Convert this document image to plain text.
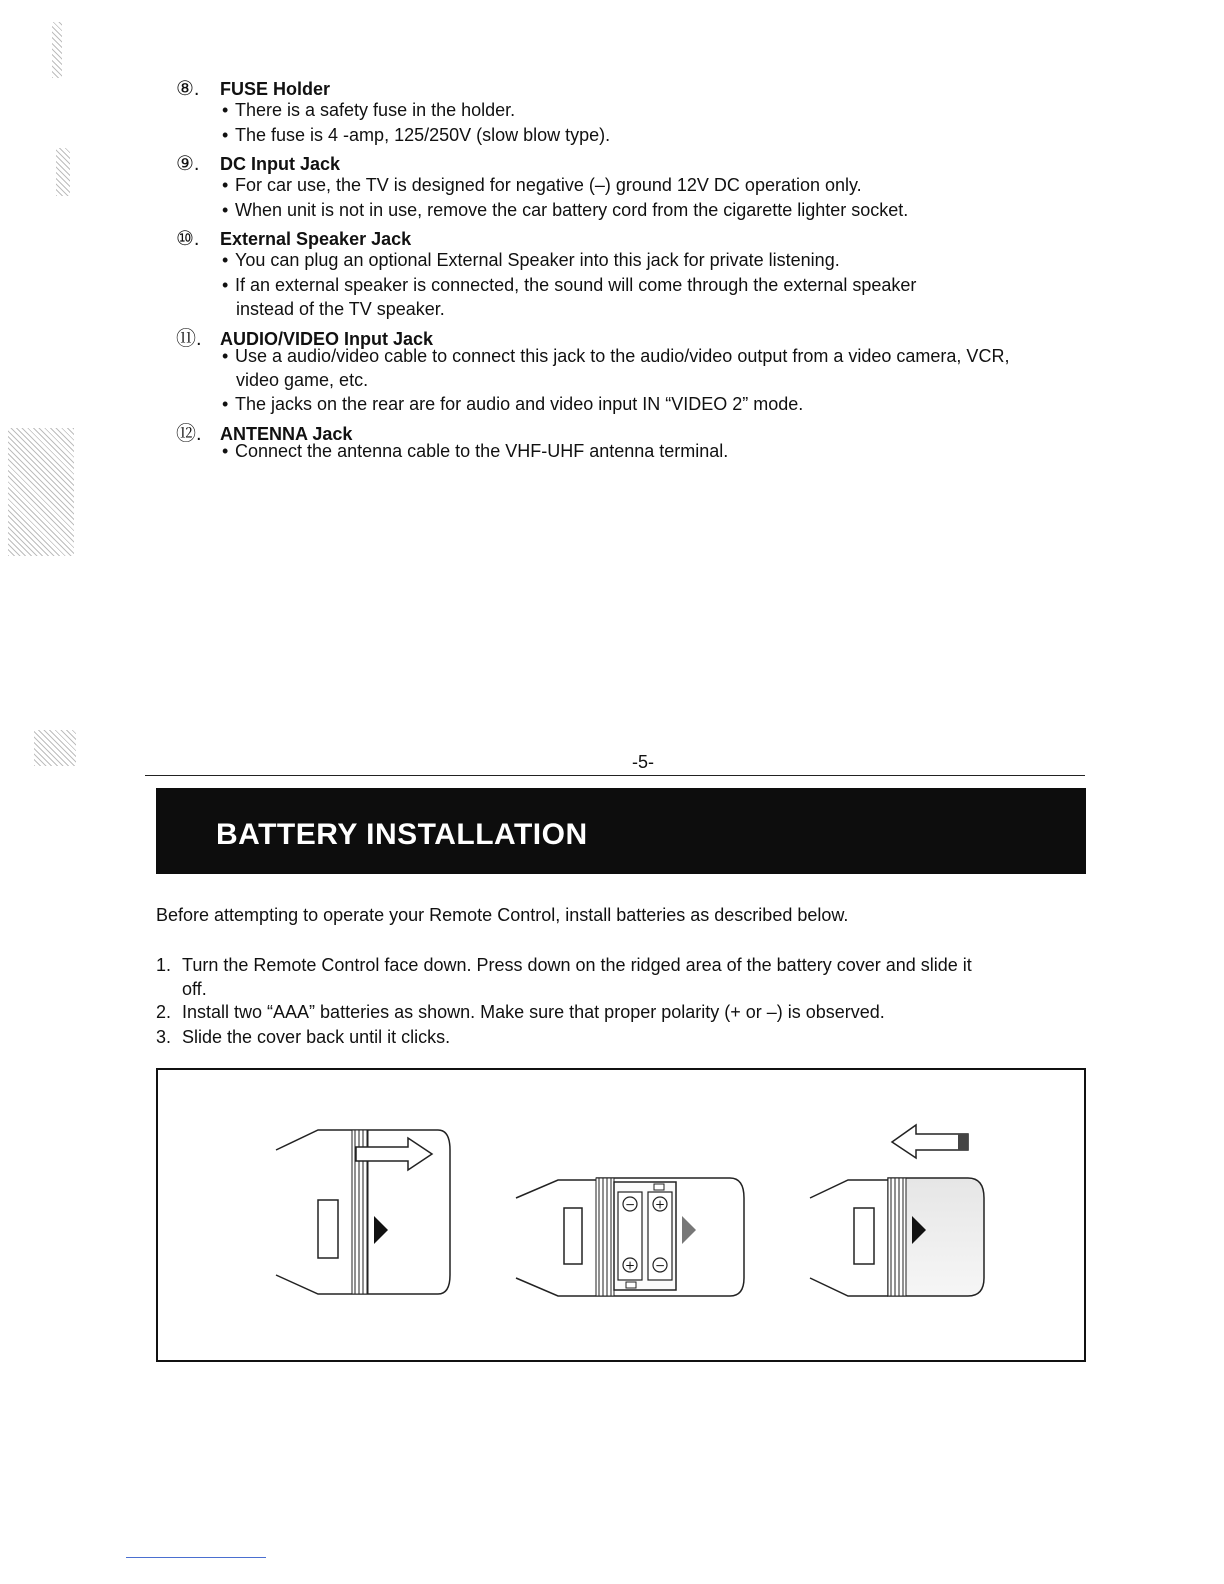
⑧. FUSE Holder
• There is a safety fuse in the holder.
• The fuse is 4 -amp, 125/250V (slow blow type).
⑨. DC Input Jack
• For car use, the TV is designed for negative (–) ground 12V DC operation only.
• When unit is not in use, remove the car battery cord from the cigarette lighter socket.
⑩. External Speaker Jack
• You can plug an optional External Speaker into this jack for private listening.
• If an external speaker is connected, the sound will come through the external speaker
instead of the TV speaker.
⑪. AUDIO/VIDEO Input Jack
• Use a audio/video cable to connect this jack to the audio/video output from a video camera, VCR,
video game, etc.
• The jacks on the rear are for audio and video input IN “VIDEO 2” mode.
⑫. ANTENNA Jack
• Connect the antenna cable to the VHF-UHF antenna terminal.
-5-
BATTERY INSTALLATION
Before attempting to operate your Remote Control, install batteries as described below.
1. Turn the Remote Control face down. Press down on the ridged area of the battery cover and slide it
off.
2. Install two “AAA” batteries as shown. Make sure that proper polarity (+ or –) is observed.
3. Slide the cover back until it clicks.
− +
+ −
